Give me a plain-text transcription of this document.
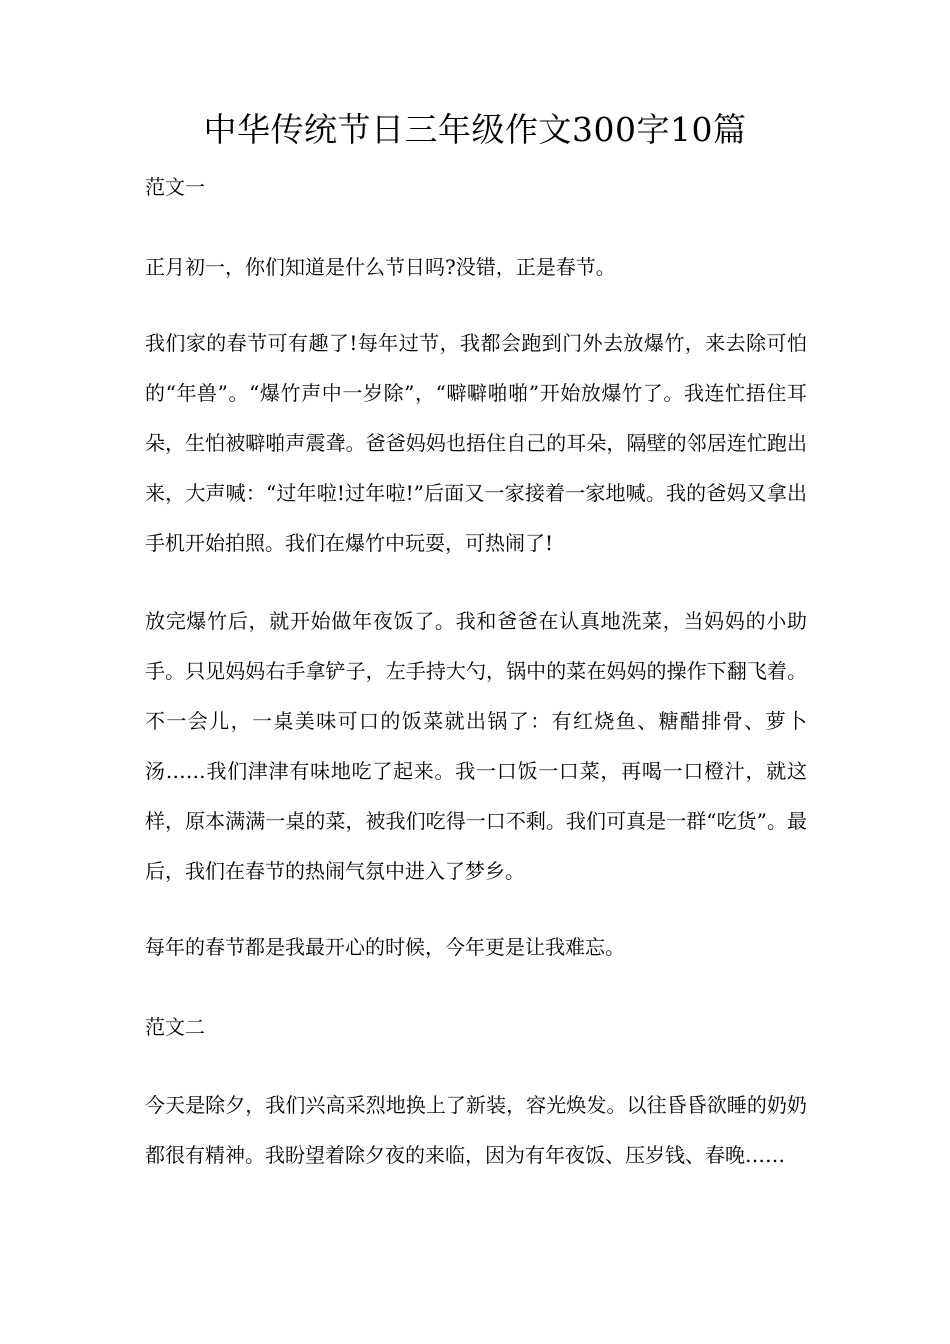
中华传统节日三年级作文300字10篇
范文一

正月初一，你们知道是什么节日吗?没错，正是春节。

我们家的春节可有趣了!每年过节，我都会跑到门外去放爆竹，来去除可怕的“年兽”。“爆竹声中一岁除”，“噼噼啪啪”开始放爆竹了。我连忙捂住耳朵，生怕被噼啪声震聋。爸爸妈妈也捂住自己的耳朵，隔壁的邻居连忙跑出来，大声喊：“过年啦!过年啦!”后面又一家接着一家地喊。我的爸妈又拿出手机开始拍照。我们在爆竹中玩耍，可热闹了!

放完爆竹后，就开始做年夜饭了。我和爸爸在认真地洗菜，当妈妈的小助手。只见妈妈右手拿铲子，左手持大勺，锅中的菜在妈妈的操作下翻飞着。不一会儿，一桌美味可口的饭菜就出锅了：有红烧鱼、糖醋排骨、萝卜汤……我们津津有味地吃了起来。我一口饭一口菜，再喝一口橙汁，就这样，原本满满一桌的菜，被我们吃得一口不剩。我们可真是一群“吃货”。最后，我们在春节的热闹气氛中进入了梦乡。

每年的春节都是我最开心的时候，今年更是让我难忘。

范文二

今天是除夕，我们兴高采烈地换上了新装，容光焕发。以往昏昏欲睡的奶奶都很有精神。我盼望着除夕夜的来临，因为有年夜饭、压岁钱、春晚……
